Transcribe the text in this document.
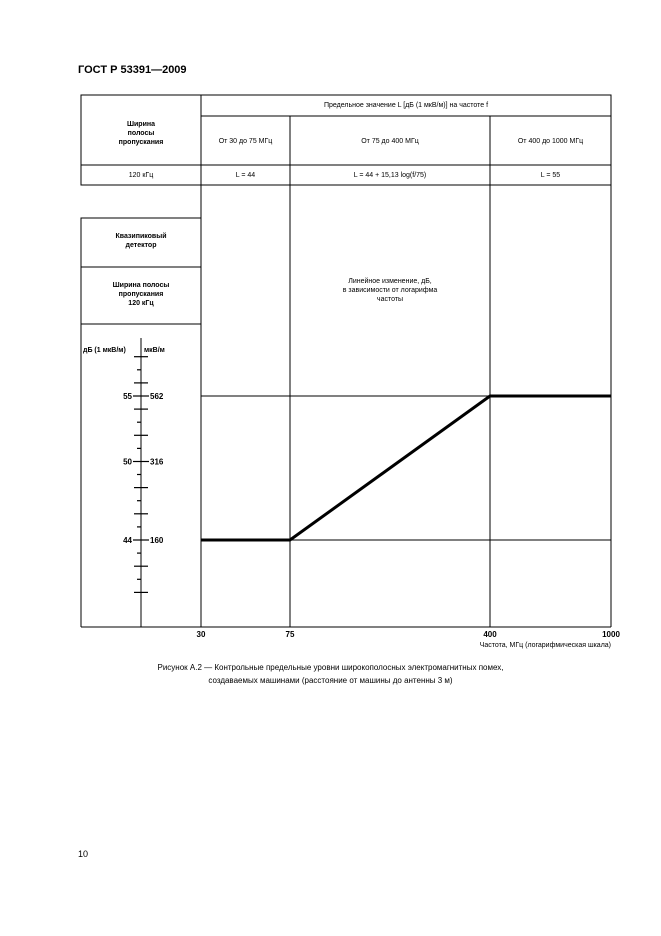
ГОСТ Р 53391—2009
55 562
50 316
44 160
30	75	400	1000
Частота, МГц (логарифмическая шкала)
Ширина
полосы
пропускания
Предельное значение L [дБ (1 мкВ/м)] на частоте f
От 30 до 75 МГц	От 75 до 400 МГц	От 400 до 1000 МГц
120 кГц	L = 44	L = 44 + 15,13 log(f/75)	L = 55
Квазипиковый
детектор
Ширина полосы
пропускания
120 кГц
дБ (1 мкВ/м)	мкВ/м
Линейное изменение, дБ,
в зависимости от логарифма
частоты
Рисунок А.2 — Контрольные предельные уровни широкополосных электромагнитных помех,
создаваемых машинами (расстояние от машины до антенны 3 м)
10
